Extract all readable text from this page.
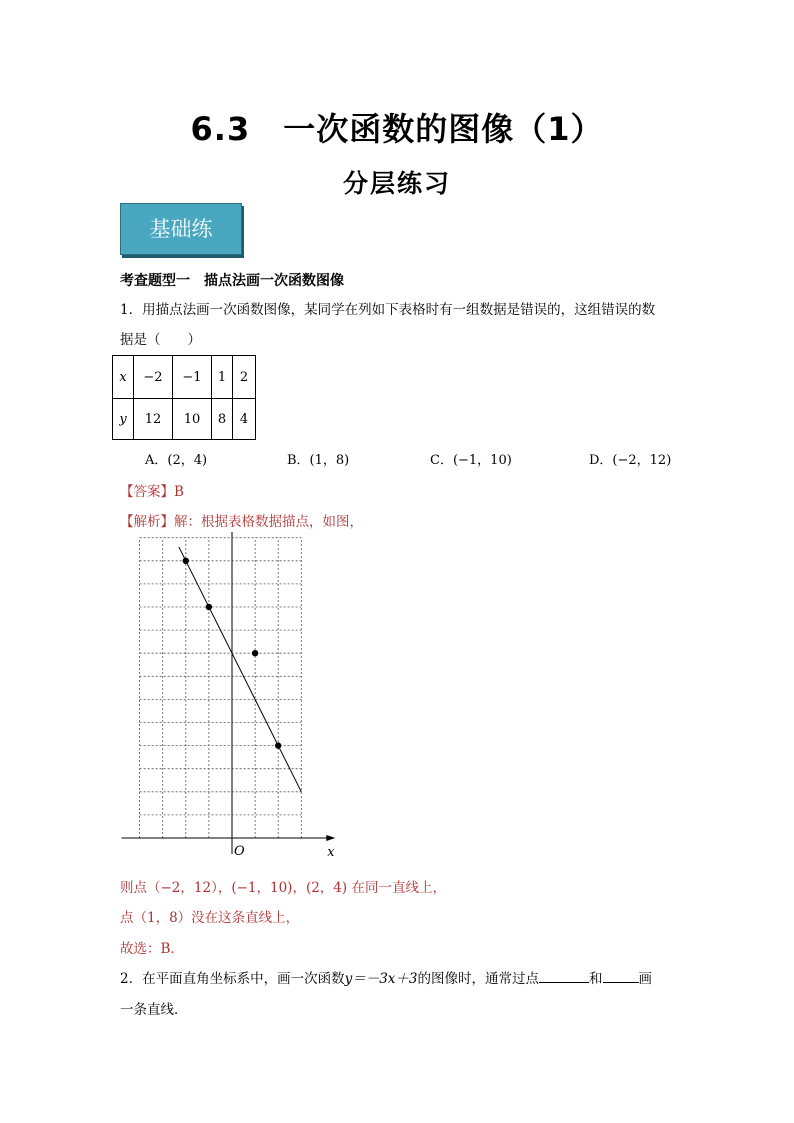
6.3　一次函数的图像（1）
分层练习
基础练
考查题型一　描点法画一次函数图像
1．用描点法画一次函数图像，某同学在列如下表格时有一组数据是错误的，这组错误的数
据是（　　）
x	−2	−1	1	2
y	12	10	8	4
A．(2，4)	B．(1，8)	C．(−1，10)	D．(−2，12)
【答案】B
【解析】解：根据表格数据描点，如图，
x
O
则点（−2，12），(−1，10)，(2，4) 在同一直线上，
点（1，8）没在这条直线上，
故选：B．
2．在平面直角坐标系中，画一次函数y＝－3x＋3的图像时，通常过点	和	画
一条直线．
